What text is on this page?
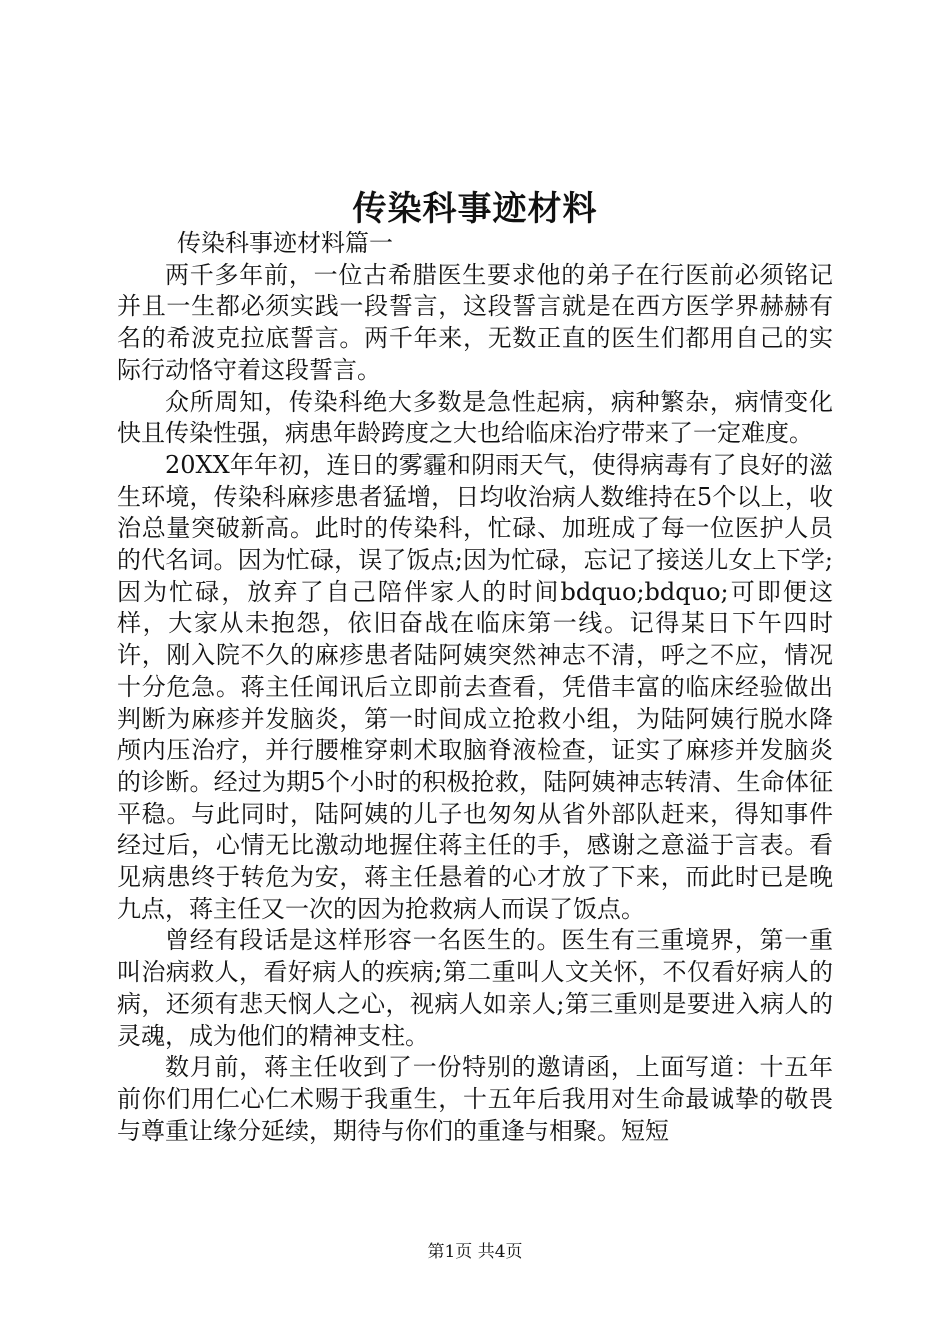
传染科事迹材料

传染科事迹材料篇一

两千多年前，一位古希腊医生要求他的弟子在行医前必须铭记并且一生都必须实践一段誓言，这段誓言就是在西方医学界赫赫有名的希波克拉底誓言。两千年来，无数正直的医生们都用自己的实际行动恪守着这段誓言。

众所周知，传染科绝大多数是急性起病，病种繁杂，病情变化快且传染性强，病患年龄跨度之大也给临床治疗带来了一定难度。

20XX年年初，连日的雾霾和阴雨天气，使得病毒有了良好的滋生环境，传染科麻疹患者猛增，日均收治病人数维持在5个以上，收治总量突破新高。此时的传染科，忙碌、加班成了每一位医护人员的代名词。因为忙碌，误了饭点;因为忙碌，忘记了接送儿女上下学;因为忙碌，放弃了自己陪伴家人的时间bdquo;bdquo;可即便这样，大家从未抱怨，依旧奋战在临床第一线。记得某日下午四时许，刚入院不久的麻疹患者陆阿姨突然神志不清，呼之不应，情况十分危急。蒋主任闻讯后立即前去查看，凭借丰富的临床经验做出判断为麻疹并发脑炎，第一时间成立抢救小组，为陆阿姨行脱水降颅内压治疗，并行腰椎穿刺术取脑脊液检查，证实了麻疹并发脑炎的诊断。经过为期5个小时的积极抢救，陆阿姨神志转清、生命体征平稳。与此同时，陆阿姨的儿子也匆匆从省外部队赶来，得知事件经过后，心情无比激动地握住蒋主任的手，感谢之意溢于言表。看见病患终于转危为安，蒋主任悬着的心才放了下来，而此时已是晚九点，蒋主任又一次的因为抢救病人而误了饭点。

曾经有段话是这样形容一名医生的。医生有三重境界，第一重叫治病救人，看好病人的疾病;第二重叫人文关怀，不仅看好病人的病，还须有悲天悯人之心，视病人如亲人;第三重则是要进入病人的灵魂，成为他们的精神支柱。

数月前，蒋主任收到了一份特别的邀请函，上面写道：十五年前你们用仁心仁术赐于我重生，十五年后我用对生命最诚挚的敬畏与尊重让缘分延续，期待与你们的重逢与相聚。短短

第1页 共4页
